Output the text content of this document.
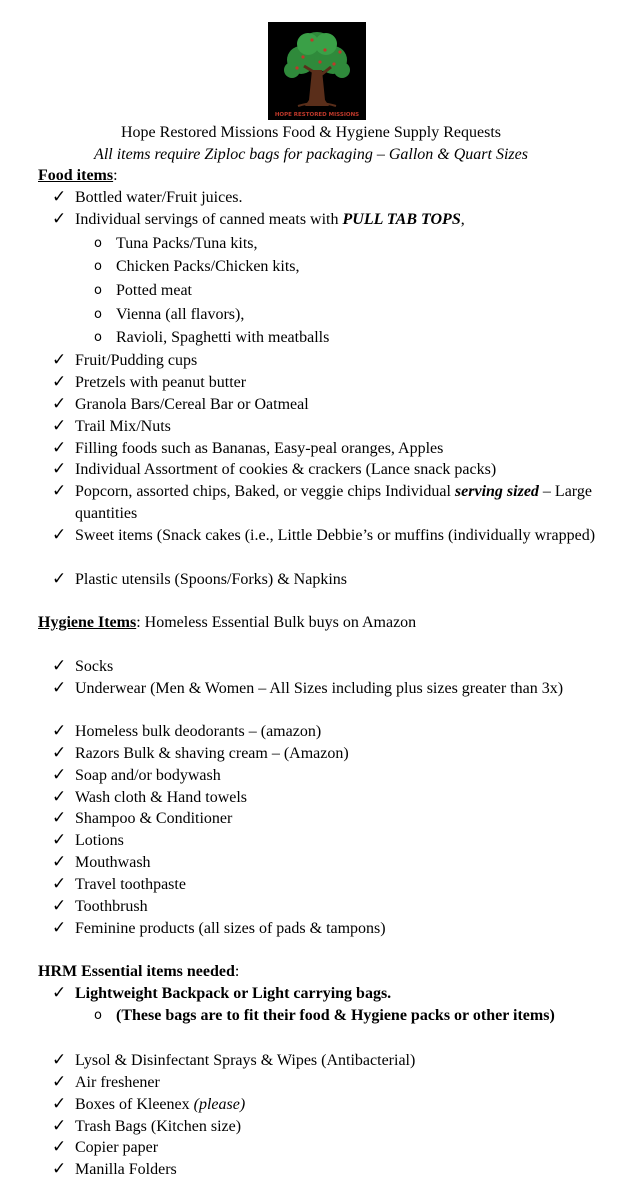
HOPE RESTORED MISSIONS
Hope Restored Missions Food & Hygiene Supply Requests
All items require Ziploc bags for packaging – Gallon & Quart Sizes
Food items:
✓ Bottled water/Fruit juices.
✓ Individual servings of canned meats with PULL TAB TOPS,
o Tuna Packs/Tuna kits,
o Chicken Packs/Chicken kits,
o Potted meat
o Vienna (all flavors),
o Ravioli, Spaghetti with meatballs
✓ Fruit/Pudding cups
✓ Pretzels with peanut butter
✓ Granola Bars/Cereal Bar or Oatmeal
✓ Trail Mix/Nuts
✓ Filling foods such as Bananas, Easy-peal oranges, Apples
✓ Individual Assortment of cookies & crackers (Lance snack packs)
✓ Popcorn, assorted chips, Baked, or veggie chips Individual serving sized – Large quantities
✓ Sweet items (Snack cakes (i.e., Little Debbie’s or muffins (individually wrapped)
✓ Plastic utensils (Spoons/Forks) & Napkins
Hygiene Items: Homeless Essential Bulk buys on Amazon
✓ Socks
✓ Underwear (Men & Women – All Sizes including plus sizes greater than 3x)
✓ Homeless bulk deodorants – (amazon)
✓ Razors Bulk & shaving cream – (Amazon)
✓ Soap and/or bodywash
✓ Wash cloth & Hand towels
✓ Shampoo & Conditioner
✓ Lotions
✓ Mouthwash
✓ Travel toothpaste
✓ Toothbrush
✓ Feminine products (all sizes of pads & tampons)
HRM Essential items needed:
✓ Lightweight Backpack or Light carrying bags.
o (These bags are to fit their food & Hygiene packs or other items)
✓ Lysol & Disinfectant Sprays & Wipes (Antibacterial)
✓ Air freshener
✓ Boxes of Kleenex (please)
✓ Trash Bags (Kitchen size)
✓ Copier paper
✓ Manilla Folders
